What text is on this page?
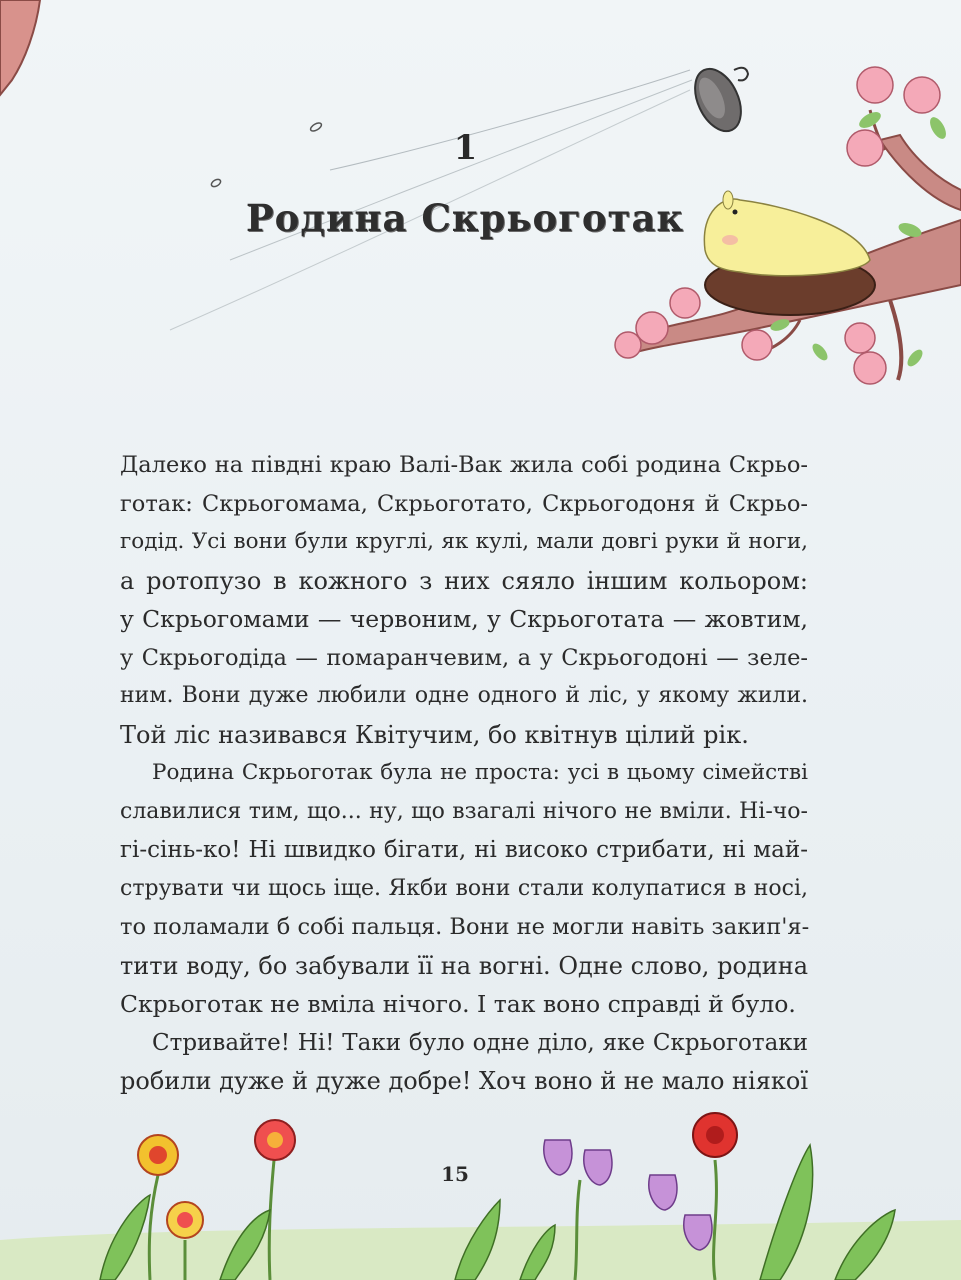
1
Родина Скрьоготак

Далеко на півдні краю Валі-Вак жила собі родина Скрьо-
готак: Скрьогомама, Скрьоготато, Скрьогодоня й Скрьо-
годід. Усі вони були круглі, як кулі, мали довгі руки й ноги,
а ротопузо в кожного з них сяяло іншим кольором:
у Скрьогомами — червоним, у Скрьоготата — жовтим,
у Скрьогодіда — помаранчевим, а у Скрьогодоні — зеле-
ним. Вони дуже любили одне одного й ліс, у якому жили.
Той ліс називався Квітучим, бо квітнув цілий рік.

Родина Скрьоготак була не проста: усі в цьому сімействі
славилися тим, що... ну, що взагалі нічого не вміли. Ні-чо-
гі-сінь-ко! Ні швидко бігати, ні високо стрибати, ні май-
струвати чи щось іще. Якби вони стали колупатися в носі,
то поламали б собі пальця. Вони не могли навіть закип'я-
тити воду, бо забували її на вогні. Одне слово, родина
Скрьоготак не вміла нічого. І так воно справді й було.

Стривайте! Ні! Таки було одне діло, яке Скрьоготаки
робили дуже й дуже добре! Хоч воно й не мало ніякої

15
